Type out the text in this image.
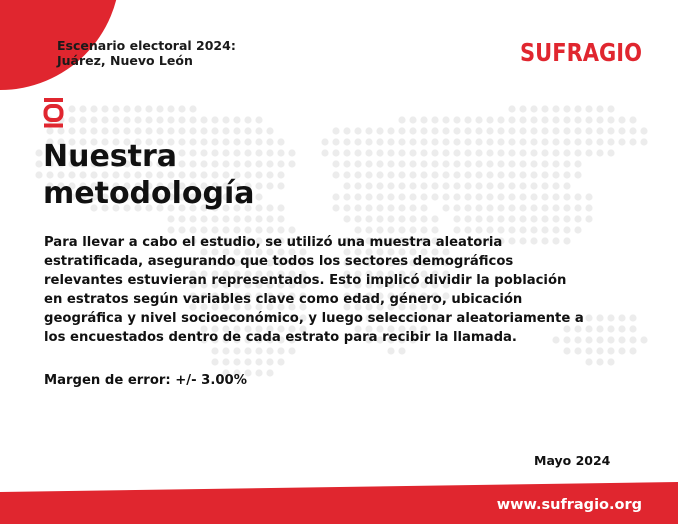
Escenario electoral 2024:
Juárez, Nuevo León	SUFRAGIO
Nuestra
metodología
Para llevar a cabo el estudio, se utilizó una muestra aleatoria
estratificada, asegurando que todos los sectores demográficos
relevantes estuvieran representados. Esto implicó dividir la población
en estratos según variables clave como edad, género, ubicación
geográfica y nivel socioeconómico, y luego seleccionar aleatoriamente a
los encuestados dentro de cada estrato para recibir la llamada.
Margen de error: +/- 3.00%
Mayo 2024
www.sufragio.org
